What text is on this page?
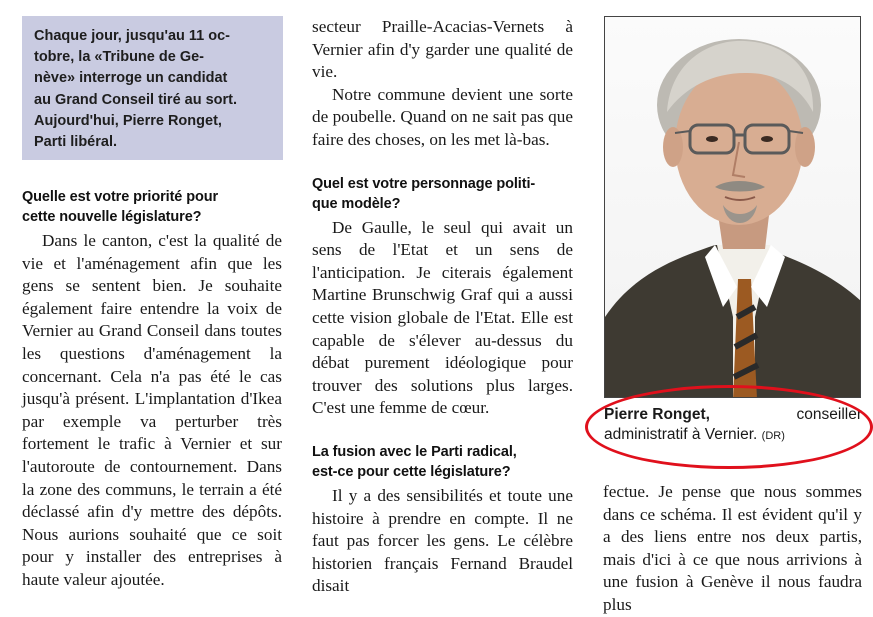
Chaque jour, jusqu'au 11 oc-

tobre, la «Tribune de Ge-

nève» interroge un candidat

au Grand Conseil tiré au sort.

Aujourd'hui, Pierre Ronget,

Parti libéral.

Quelle est votre priorité pour

cette nouvelle législature?

Dans le canton, c'est la qualité de vie et l'aménagement afin que les gens se sentent bien. Je souhaite également faire entendre la voix de Vernier au Grand Conseil dans toutes les questions d'aménagement la concernant. Cela n'a pas été le cas jusqu'à présent. L'implantation d'Ikea par exemple va perturber très fortement le trafic à Vernier et sur l'autoroute de contournement. Dans la zone des communs, le terrain a été déclassé afin d'y mettre des dépôts. Nous aurions souhaité que ce soit pour y installer des entreprises à haute valeur ajoutée.

secteur Praille-Acacias-Vernets à Vernier afin d'y garder une qualité de vie.

Notre commune devient une sorte de poubelle. Quand on ne sait pas que faire des choses, on les met là-bas.

Quel est votre personnage politi-

que modèle?

De Gaulle, le seul qui avait un sens de l'Etat et un sens de l'anticipation. Je citerais également Martine Brunschwig Graf qui a aussi cette vision globale de l'Etat. Elle est capable de s'élever au-dessus du débat purement idéologique pour trouver des solutions plus larges. C'est une femme de cœur.

La fusion avec le Parti radical,

est-ce pour cette législature?

Il y a des sensibilités et toute une histoire à prendre en compte. Il ne faut pas forcer les gens. Le célèbre historien français Fernand Braudel disait

Pierre Ronget,	conseiller
administratif à Vernier. (DR)

fectue. Je pense que nous sommes dans ce schéma. Il est évident qu'il y a des liens entre nos deux partis, mais d'ici à ce que nous arrivions à une fusion à Genève il nous faudra plus
